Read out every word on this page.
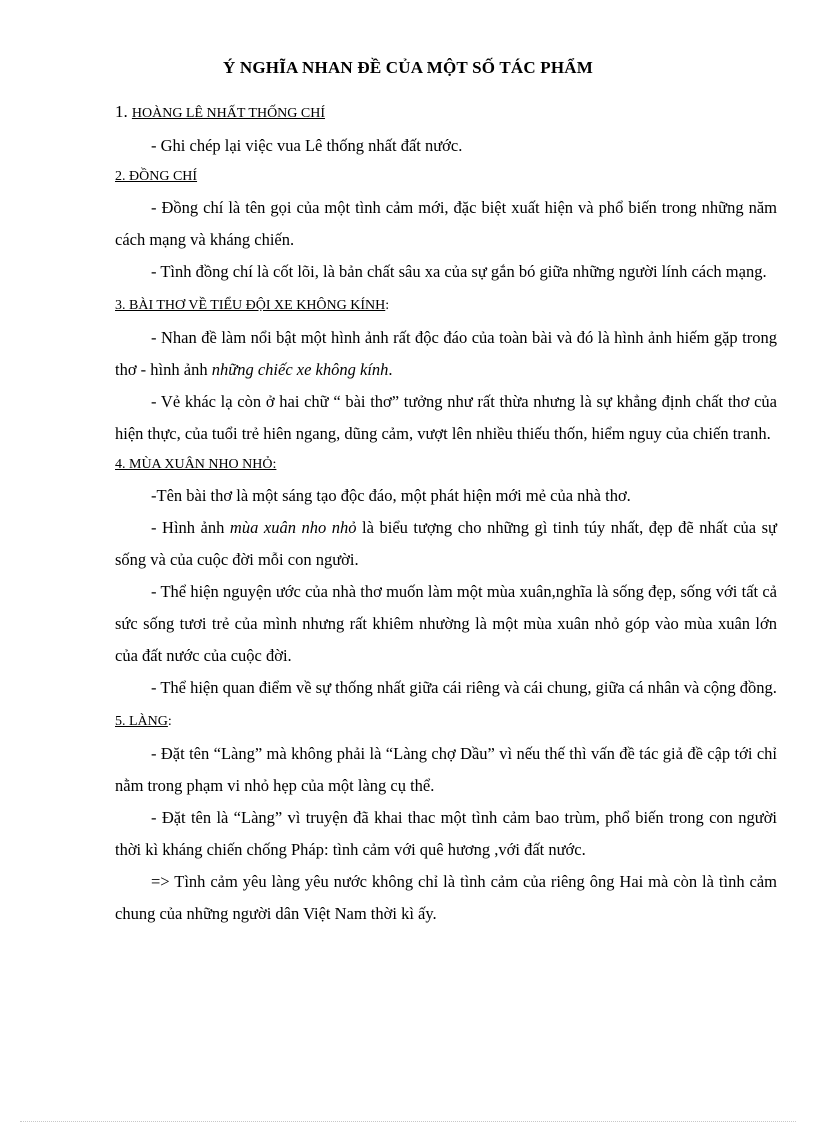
Ý NGHĨA NHAN ĐỀ CỦA MỘT SỐ TÁC PHẨM

1. HOÀNG LÊ NHẤT THỐNG CHÍ

- Ghi chép lại việc vua Lê thống nhất đất nước.

2. ĐỒNG CHÍ

- Đồng chí là tên gọi của một tình cảm mới, đặc biệt xuất hiện và phổ biến trong những năm cách mạng và kháng chiến.

- Tình đồng chí là cốt lõi, là bản chất sâu xa của sự gắn bó giữa những người lính cách mạng.

3. BÀI THƠ VỀ TIỂU ĐỘI XE KHÔNG KÍNH:

- Nhan đề làm nổi bật một hình ảnh rất độc đáo của toàn bài và đó là hình ảnh hiếm gặp trong thơ - hình ảnh những chiếc xe không kính.

- Vẻ khác lạ còn ở hai chữ “ bài thơ” tưởng như rất thừa nhưng là sự khẳng định chất thơ của hiện thực, của tuổi trẻ hiên ngang, dũng cảm, vượt lên nhiều thiếu thốn, hiểm nguy của chiến tranh.

4. MÙA XUÂN NHO NHỎ:

-Tên bài thơ là một sáng tạo độc đáo, một phát hiện mới mẻ của nhà thơ.

- Hình ảnh mùa xuân nho nhỏ là biểu tượng cho những gì tinh túy nhất, đẹp đẽ nhất của sự sống và của cuộc đời mỗi con người.

- Thể hiện nguyện ước của nhà thơ muốn làm một mùa xuân,nghĩa là sống đẹp, sống với tất cả sức sống tươi trẻ của mình nhưng rất khiêm nhường là một mùa xuân nhỏ góp vào mùa xuân lớn của đất nước của cuộc đời.

- Thể hiện quan điểm về sự thống nhất giữa cái riêng và cái chung, giữa cá nhân và cộng đồng.

5. LÀNG:

- Đặt tên “Làng” mà không phải là “Làng chợ Dầu” vì nếu thế thì vấn đề tác giả đề cập tới chỉ nằm trong phạm vi nhỏ hẹp của một làng cụ thể.

- Đặt tên là “Làng” vì truyện đã khai thac một tình cảm bao trùm, phổ biến trong con người thời kì kháng chiến chống Pháp: tình cảm với quê hương ,với đất nước.

=> Tình cảm yêu làng yêu nước không chỉ là tình cảm của riêng ông Hai mà còn là tình cảm chung của những người dân Việt Nam thời kì ấy.
